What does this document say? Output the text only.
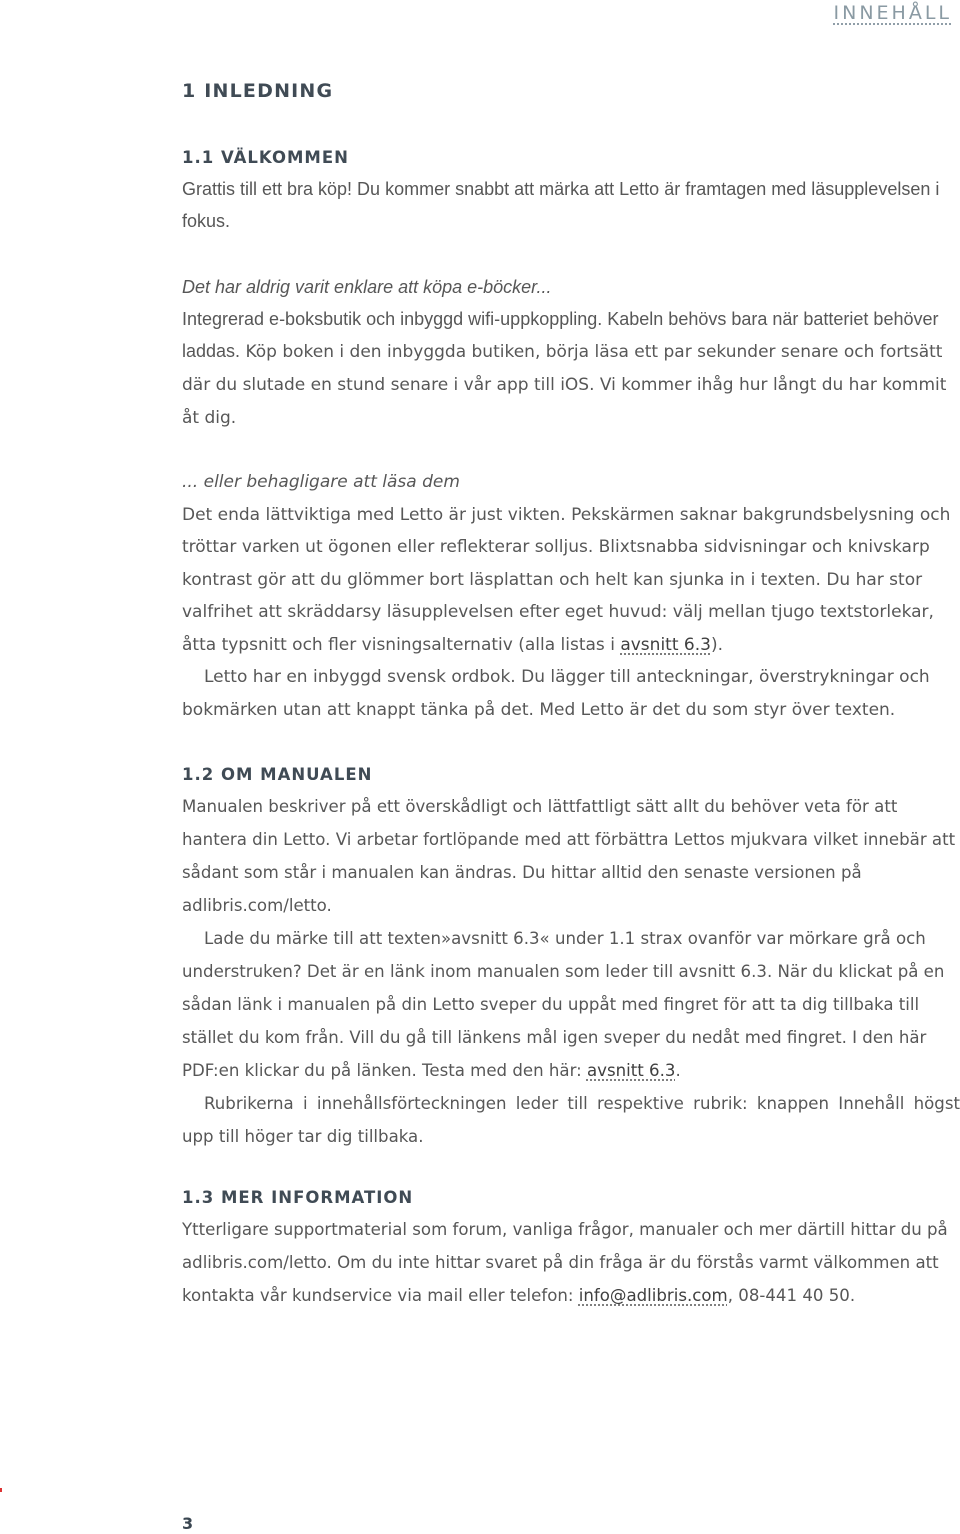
INNEHÅLL
1 INLEDNING
1.1 VÄLKOMMEN

Grattis till ett bra köp! Du kommer snabbt att märka att Letto är framtagen med läsupplevelsen i fokus.

Det har aldrig varit enklare att köpa e-böcker...

Integrerad e-boksbutik och inbyggd wifi-uppkoppling. Kabeln behövs bara när batteriet behöver laddas. Köp boken i den inbyggda butiken, börja läsa ett par sekunder senare och fortsätt där du slutade en stund senare i vår app till iOS. Vi kommer ihåg hur långt du har kommit åt dig.

... eller behagligare att läsa dem

Det enda lättviktiga med Letto är just vikten. Pekskärmen saknar bakgrundsbelysning och tröttar varken ut ögonen eller reflekterar solljus. Blixtsnabba sidvisningar och knivskarp kontrast gör att du glömmer bort läsplattan och helt kan sjunka in i texten. Du har stor valfrihet att skräddarsy läsupplevelsen efter eget huvud: välj mellan tjugo textstorlekar, åtta typsnitt och fler visningsalternativ (alla listas i avsnitt 6.3).

Letto har en inbyggd svensk ordbok. Du lägger till anteckningar, överstrykningar och bokmärken utan att knappt tänka på det. Med Letto är det du som styr över texten.

1.2 OM MANUALEN

Manualen beskriver på ett överskådligt och lättfattligt sätt allt du behöver veta för att hantera din Letto. Vi arbetar fortlöpande med att förbättra Lettos mjukvara vilket innebär att sådant som står i manualen kan ändras. Du hittar alltid den senaste versionen på adlibris.com/letto.

Lade du märke till att texten»avsnitt 6.3« under 1.1 strax ovanför var mörkare grå och understruken? Det är en länk inom manualen som leder till avsnitt 6.3. När du klickat på en sådan länk i manualen på din Letto sveper du uppåt med fingret för att ta dig tillbaka till stället du kom från. Vill du gå till länkens mål igen sveper du nedåt med fingret. I den här PDF:en klickar du på länken. Testa med den här: avsnitt 6.3.

Rubrikerna i innehållsförteckningen leder till respektive rubrik: knappen Innehåll högst upp till höger tar dig tillbaka.

1.3 MER INFORMATION

Ytterligare supportmaterial som forum, vanliga frågor, manualer och mer därtill hittar du på adlibris.com/letto. Om du inte hittar svaret på din fråga är du förstås varmt välkommen att kontakta vår kundservice via mail eller telefon: info@adlibris.com, 08-441 40 50.

3
